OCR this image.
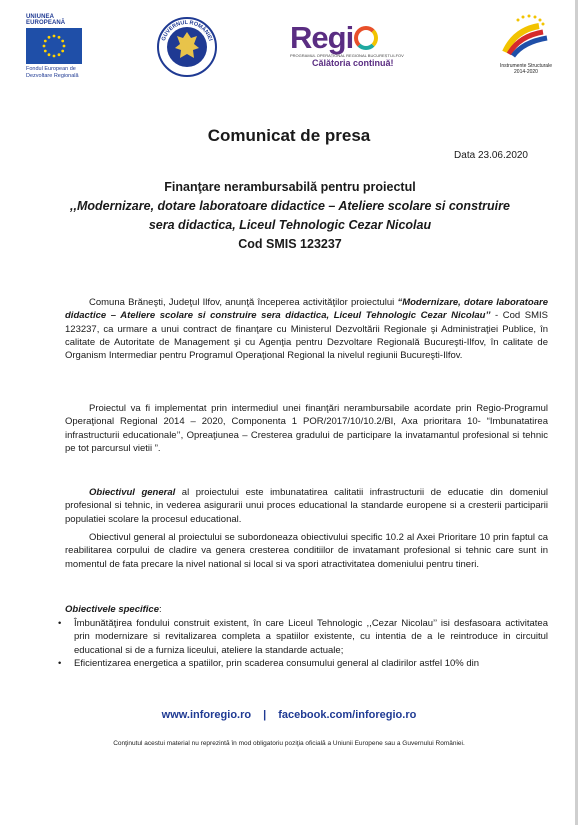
UNIUNEA EUROPEANĂ
Fondul European de
Dezvoltare Regională
GUVERNUL ROMÂNIEI Regi
PROGRAMUL OPERAȚIONAL REGIONAL BUCUREȘTI-ILFOV
Călătoria continuă!	Instrumente Structurale
2014-2020
Comunicat de presa
Data 23.06.2020
Finanţare nerambursabilă pentru proiectul
,,Modernizare, dotare laboratoare didactice – Ateliere scolare si construire
sera didactica, Liceul Tehnologic Cezar Nicolau
Cod SMIS 123237
Comuna Brăneşti, Judeţul Ilfov, anunţă începerea activităţilor proiectului “Modernizare, dotare laboratoare didactice – Ateliere scolare si construire sera didactica, Liceul Tehnologic Cezar Nicolau’’ - Cod SMIS 123237, ca urmare a unui contract de finanţare cu Ministerul Dezvoltării Regionale şi Administraţiei Publice, în calitate de Autoritate de Management şi cu Agenţia pentru Dezvoltare Regională Bucureşti-Ilfov, în calitate de Organism Intermediar pentru Programul Operaţional Regional la nivelul regiunii Bucureşti-Ilfov.
Proiectul va fi implementat prin intermediul unei finanţări nerambursabile acordate prin Regio-Programul Operaţional Regional 2014 – 2020, Componenta 1 POR/2017/10/10.2/BI, Axa prioritara 10- “Imbunatatirea infrastructurii educationale’’, Opreaţiunea – Cresterea gradului de participare la invatamantul profesional si tehnic pe tot parcursul vietii ”.
Obiectivul general al proiectului este imbunatatirea calitatii infrastructurii de educatie din domeniul profesional si tehnic, in vederea asigurarii unui proces educational la standarde europene si a cresterii participarii populatiei scolare la procesul educational.
Obiectivul general al proiectului se subordoneaza obiectivului specific 10.2 al Axei Prioritare 10 prin faptul ca reabilitarea corpului de cladire va genera cresterea conditiilor de invatamant profesional si tehnic care sunt in momentul de fata precare la nivel national si local si va spori atractivitatea domeniului pentru tineri.
Obiectivele specifice:
• Îmbunătăţirea fondului construit existent, în care Liceul Tehnologic ,,Cezar Nicolau’’ isi desfasoara activitatea prin modernizare si revitalizarea completa a spatiilor existente, cu intentia de a le reintroduce in circuitul educational si de a furniza liceului, ateliere la standarde actuale;
• Eficientizarea energetica a spatiilor, prin scaderea consumului general al cladirilor astfel 10% din
www.inforegio.ro | facebook.com/inforegio.ro
Conţinutul acestui material nu reprezintă în mod obligatoriu poziţia oficială a Uniunii Europene sau a Guvernului României.
